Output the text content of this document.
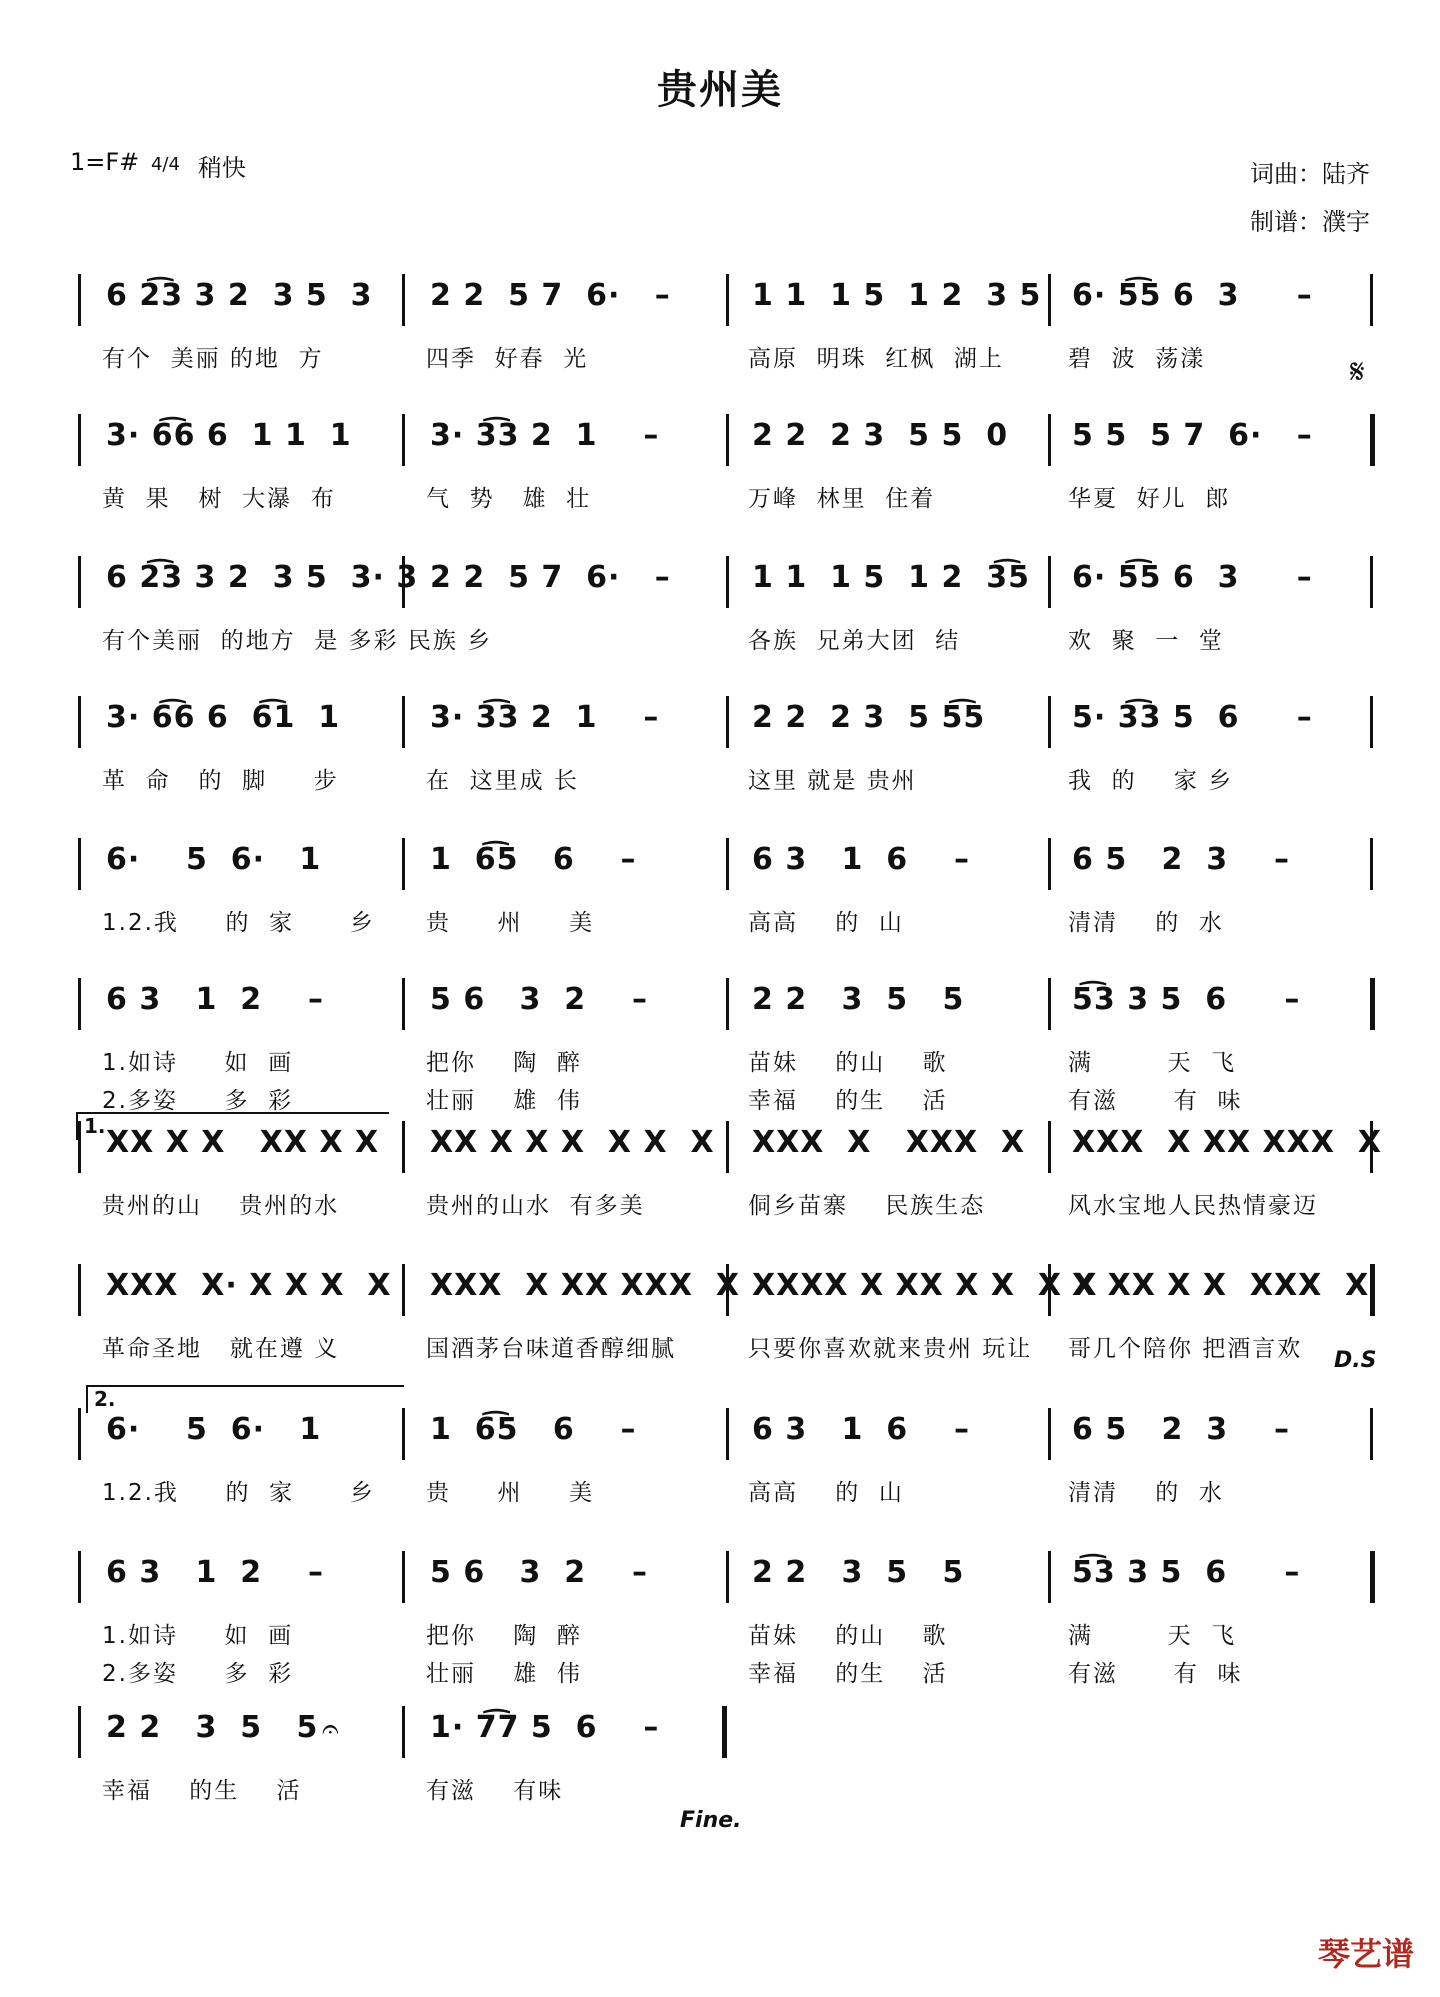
贵州美
1=F# 4/4 稍快	词曲：陆齐
制谱：濮宇
6 2͡3 3 2  3 5  3 2 2  5 7  6·   –	1 1  1 5  1 2  3 5 6· 5͡5 6  3     –
有个  美丽 的地  方	四季  好春  光	高原  明珠  红枫  湖上	碧  波  荡漾
3· 6͡6 6  1 1  1	3· 3͡3 2  1    –	2 2  2 3  5 5  0 5 5  5 7  6·   –
黄  果   树  大瀑  布	气  势   雄  壮	万峰  林里  住着	华夏  好儿  郎
6 2͡3 3 2  3 5  3· 3 2 2  5 7  6·   –	1 1  1 5  1 2  3͡5 6· 5͡5 6  3     –
有个美丽  的地方  是 多彩 民族 乡	各族  兄弟大团  结	欢  聚  一  堂
3· 6͡6 6  6͡1  1	3· 3͡3 2  1    –	2 2  2 3  5 5͡5	5· 3͡3 5  6     –
革  命   的  脚     步	在  这里成 长	这里 就是 贵州	我  的    家 乡
6·    5  6·   1	1  6͡5   6    –	6 3   1  6    –	6 5   2  3    –
1.2.我     的  家      乡 贵     州     美	高高    的  山	清清    的  水
6 3   1  2    –	5 6   3  2    –	2 2   3  5   5	5͡3 3 5  6     –
1.如诗     如  画	把你    陶  醉	苗妹    的山    歌	满        天  飞
2.多姿     多  彩	壮丽    雄  伟	幸福    的生    活	有滋      有  味
XX X X   XX X X XX X X X  X X  X XXX  X   XXX  X XXX  X XX XXX  X
贵州的山    贵州的水	贵州的山水  有多美	侗乡苗寨    民族生态	风水宝地人民热情豪迈
XXX  X· X X X  X XXX  X XX XXX  X XXXX X XX X X  X X
X XX X X  XXX  X
革命圣地   就在遵 义	国酒茅台味道香醇细腻	只要你喜欢就来贵州 玩让 哥几个陪你 把酒言欢
6·    5  6·   1	1  6͡5   6    –	6 3   1  6    –	6 5   2  3    –
1.2.我     的  家      乡 贵     州     美	高高    的  山	清清    的  水
6 3   1  2    –	5 6   3  2    –	2 2   3  5   5	5͡3 3 5  6     –
1.如诗     如  画	把你    陶  醉	苗妹    的山    歌	满        天  飞
2.多姿     多  彩	壮丽    雄  伟	幸福    的生    活	有滋      有  味
2 2   3  5   5	1· 7͡7 5  6    –
幸福    的生    活	有滋    有味
𝄋
1.
D.S
2.
𝄐
Fine.
琴艺谱
